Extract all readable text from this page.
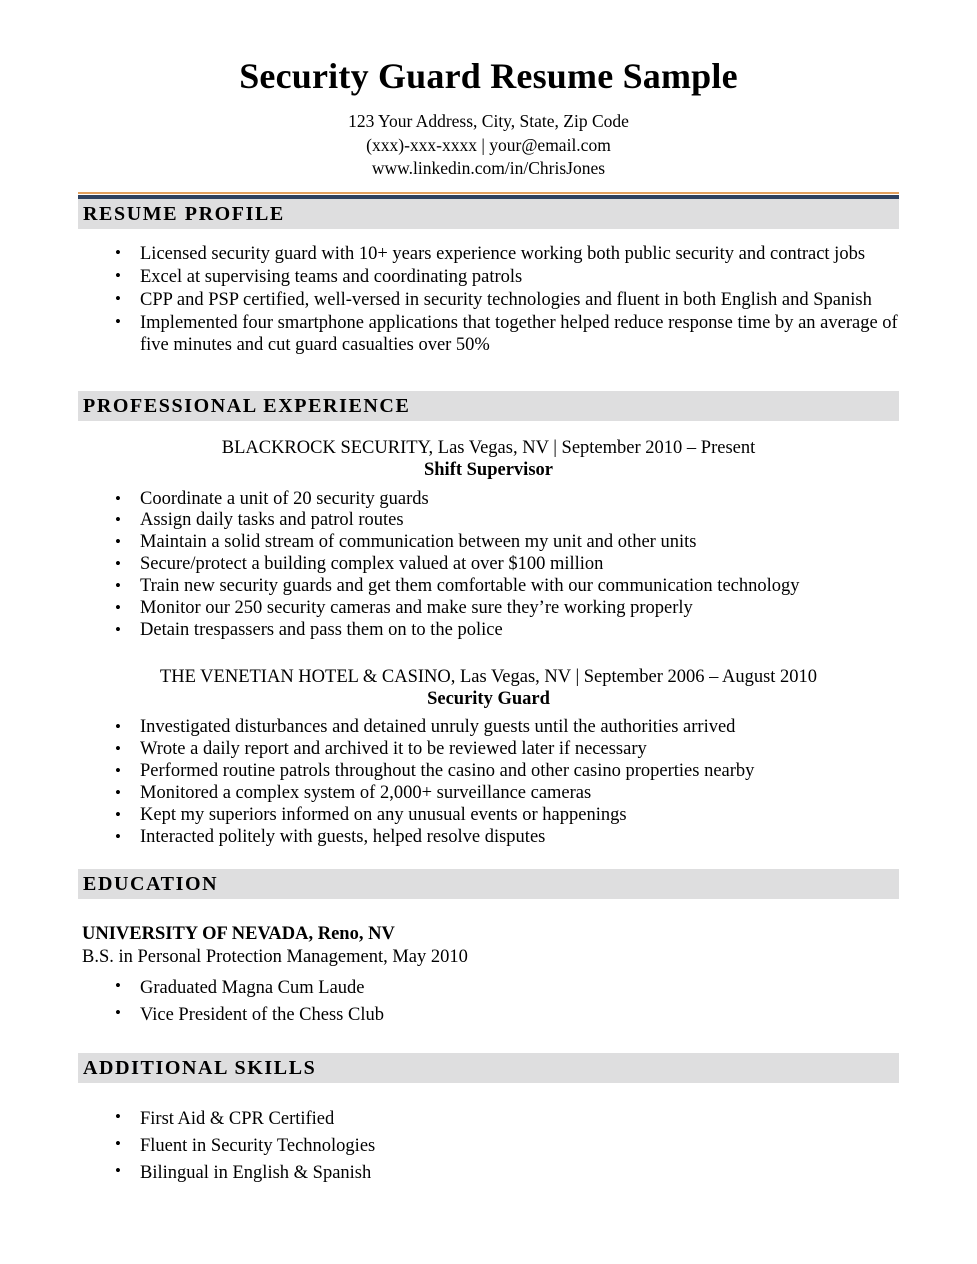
Security Guard Resume Sample

123 Your Address, City, State, Zip Code

(xxx)-xxx-xxxx | your@email.com

www.linkedin.com/in/ChrisJones

RESUME PROFILE
• Licensed security guard with 10+ years experience working both public security and contract jobs
• Excel at supervising teams and coordinating patrols
• CPP and PSP certified, well-versed in security technologies and fluent in both English and Spanish
• Implemented four smartphone applications that together helped reduce response time by an average of five minutes and cut guard casualties over 50%
PROFESSIONAL EXPERIENCE

BLACKROCK SECURITY, Las Vegas, NV | September 2010 – Present

Shift Supervisor

• Coordinate a unit of 20 security guards
• Assign daily tasks and patrol routes
• Maintain a solid stream of communication between my unit and other units
• Secure/protect a building complex valued at over $100 million
• Train new security guards and get them comfortable with our communication technology
• Monitor our 250 security cameras and make sure they’re working properly
• Detain trespassers and pass them on to the police

THE VENETIAN HOTEL & CASINO, Las Vegas, NV | September 2006 – August 2010

Security Guard

• Investigated disturbances and detained unruly guests until the authorities arrived
• Wrote a daily report and archived it to be reviewed later if necessary
• Performed routine patrols throughout the casino and other casino properties nearby
• Monitored a complex system of 2,000+ surveillance cameras
• Kept my superiors informed on any unusual events or happenings
• Interacted politely with guests, helped resolve disputes
EDUCATION

UNIVERSITY OF NEVADA, Reno, NV

B.S. in Personal Protection Management, May 2010

• Graduated Magna Cum Laude
• Vice President of the Chess Club
ADDITIONAL SKILLS
• First Aid & CPR Certified
• Fluent in Security Technologies
• Bilingual in English & Spanish
